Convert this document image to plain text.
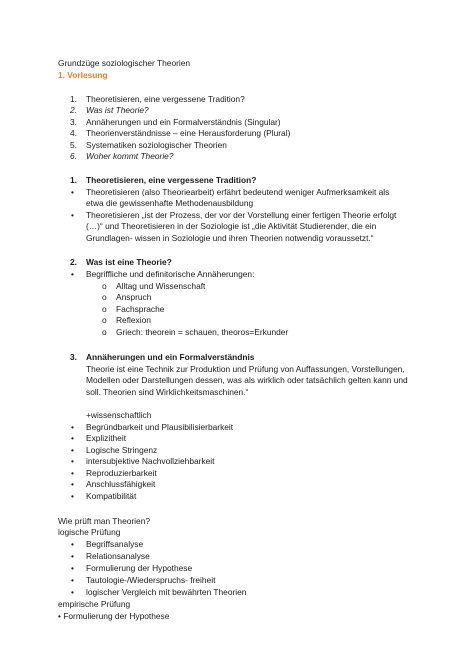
Grundzüge soziologischer Theorien
1. Vorlesung
1. Theoretisieren, eine vergessene Tradition?
2. Was ist Theorie?
3. Annäherungen und ein Formalverständnis (Singular)
4. Theorienverständnisse – eine Herausforderung (Plural)
5. Systematiken soziologischer Theorien
6. Woher kommt Theorie?
1. Theoretisieren, eine vergessene Tradition?
• Theoretisieren (also Theoriearbeit) erfährt bedeutend weniger Aufmerksamkeit als
etwa die gewissenhafte Methodenausbildung
• Theoretisieren „ist der Prozess, der vor der Vorstellung einer fertigen Theorie erfolgt
(…)“ und Theoretisieren in der Soziologie ist „die Aktivität Studierender, die ein
Grundlagen- wissen in Soziologie und ihren Theorien notwendig voraussetzt.“
2. Was ist eine Theorie?
• Begriffliche und definitorische Annäherungen:
o Alltag und Wissenschaft
o Anspruch
o Fachsprache
o Reflexion
o Griech: theorein = schauen, theoros=Erkunder
3. Annäherungen und ein Formalverständnis
Theorie ist eine Technik zur Produktion und Prüfung von Auffassungen, Vorstellungen,
Modellen oder Darstellungen dessen, was als wirklich oder tatsächlich gelten kann und
soll. Theorien sind Wirklichkeitsmaschinen.“
+wissenschaftlich
• Begründbarkeit und Plausibilisierbarkeit
• Explizitheit
• Logische Stringenz
• intersubjektive Nachvollziehbarkeit
• Reproduzierbarkeit
• Anschlussfähigkeit
• Kompatibilität
Wie prüft man Theorien?
logische Prüfung
• Begriffsanalyse
• Relationsanalyse
• Formulierung der Hypothese
• Tautologie-/Wiederspruchs- freiheit
• logischer Vergleich mit bewährten Theorien
empirische Prüfung
• Formulierung der Hypothese
